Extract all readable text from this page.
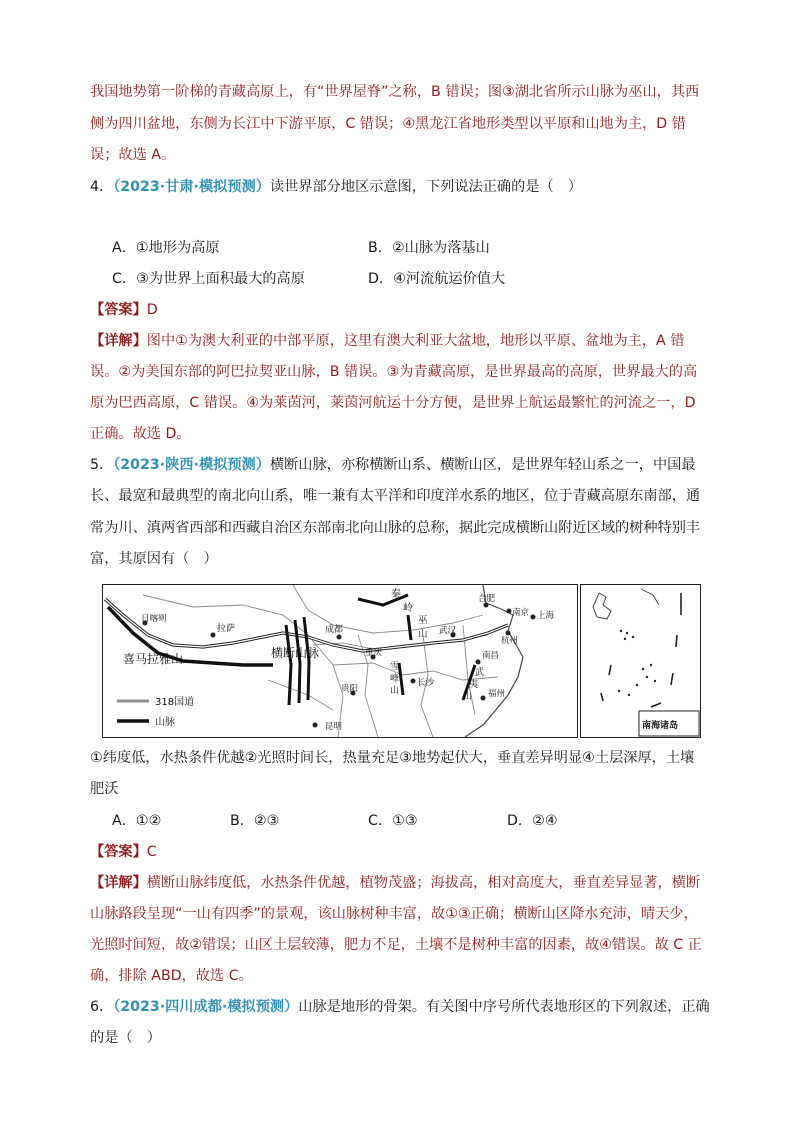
我国地势第一阶梯的青藏高原上，有“世界屋脊”之称，B 错误；图③湖北省所示山脉为巫山，其西
侧为四川盆地，东侧为长江中下游平原，C 错误；④黑龙江省地形类型以平原和山地为主，D 错
误；故选 A。
4．（2023·甘肃·模拟预测）读世界部分地区示意图，下列说法正确的是（　）
A．①地形为高原	B．②山脉为落基山
C．③为世界上面积最大的高原	D．④河流航运价值大
【答案】D
【详解】图中①为澳大利亚的中部平原，这里有澳大利亚大盆地，地形以平原、盆地为主，A 错
误。②为美国东部的阿巴拉契亚山脉，B 错误。③为青藏高原，是世界最高的高原，世界最大的高
原为巴西高原，C 错误。④为莱茵河，莱茵河航运十分方便，是世界上航运最繁忙的河流之一，D
正确。故选 D。
5．（2023·陕西·模拟预测）横断山脉，亦称横断山系、横断山区，是世界年轻山系之一，中国最
长、最宽和最典型的南北向山系，唯一兼有太平洋和印度洋水系的地区，位于青藏高原东南部，通
常为川、滇两省西部和西藏自治区东部南北向山脉的总称，据此完成横断山附近区域的树种特别丰
富，其原因有（　）
日喀则
拉萨	成都
秦
岭
合肥
南京 上海
巫
山 武汉
杭州
喜马拉雅山	横断山脉	重庆
雪
峰
山
南昌
武
夷
山
长沙
贵阳	福州
昆明
318国道
山脉	南海诸岛
①纬度低，水热条件优越②光照时间长，热量充足③地势起伏大，垂直差异明显④土层深厚，土壤
肥沃
A．①②	B．②③	C．①③	D．②④
【答案】C
【详解】横断山脉纬度低，水热条件优越，植物茂盛；海拔高，相对高度大，垂直差异显著，横断
山脉路段呈现“一山有四季”的景观，该山脉树种丰富，故①③正确；横断山区降水充沛，晴天少，
光照时间短，故②错误；山区土层较薄，肥力不足，土壤不是树种丰富的因素，故④错误。故 C 正
确，排除 ABD，故选 C。
6．（2023·四川成都·模拟预测）山脉是地形的骨架。有关图中序号所代表地形区的下列叙述，正确
的是（　）
